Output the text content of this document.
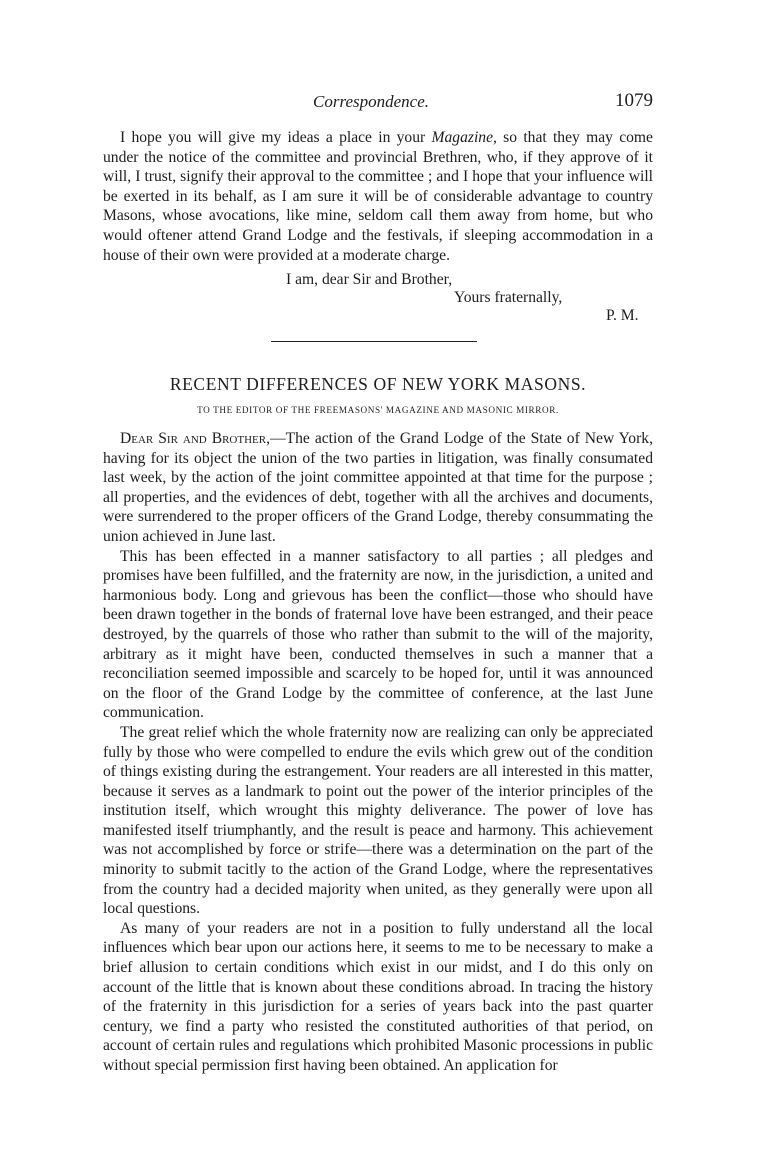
Correspondence.	1079

I hope you will give my ideas a place in your Magazine, so that they may come under the notice of the committee and provincial Brethren, who, if they approve of it will, I trust, signify their approval to the committee ; and I hope that your influence will be exerted in its behalf, as I am sure it will be of considerable advantage to country Masons, whose avocations, like mine, seldom call them away from home, but who would oftener attend Grand Lodge and the festivals, if sleeping accommodation in a house of their own were provided at a moderate charge.

I am, dear Sir and Brother,
Yours fraternally,
P. M.
RECENT DIFFERENCES OF NEW YORK MASONS.
TO THE EDITOR OF THE FREEMASONS' MAGAZINE AND MASONIC MIRROR.

Dear Sir and Brother,—The action of the Grand Lodge of the State of New York, having for its object the union of the two parties in litigation, was finally consumated last week, by the action of the joint committee appointed at that time for the purpose ; all properties, and the evidences of debt, together with all the archives and documents, were surrendered to the proper officers of the Grand Lodge, thereby consummating the union achieved in June last.

This has been effected in a manner satisfactory to all parties ; all pledges and promises have been fulfilled, and the fraternity are now, in the jurisdiction, a united and harmonious body. Long and grievous has been the conflict—those who should have been drawn together in the bonds of fraternal love have been estranged, and their peace destroyed, by the quarrels of those who rather than submit to the will of the majority, arbitrary as it might have been, conducted themselves in such a manner that a reconciliation seemed impossible and scarcely to be hoped for, until it was announced on the floor of the Grand Lodge by the committee of conference, at the last June communication.

The great relief which the whole fraternity now are realizing can only be appreciated fully by those who were compelled to endure the evils which grew out of the condition of things existing during the estrangement. Your readers are all interested in this matter, because it serves as a landmark to point out the power of the interior principles of the institution itself, which wrought this mighty deliverance. The power of love has manifested itself triumphantly, and the result is peace and harmony. This achievement was not accomplished by force or strife—there was a determination on the part of the minority to submit tacitly to the action of the Grand Lodge, where the representatives from the country had a decided majority when united, as they generally were upon all local questions.

As many of your readers are not in a position to fully understand all the local influences which bear upon our actions here, it seems to me to be necessary to make a brief allusion to certain conditions which exist in our midst, and I do this only on account of the little that is known about these conditions abroad. In tracing the history of the fraternity in this jurisdiction for a series of years back into the past quarter century, we find a party who resisted the constituted authorities of that period, on account of certain rules and regulations which prohibited Masonic processions in public without special permission first having been obtained. An application for
